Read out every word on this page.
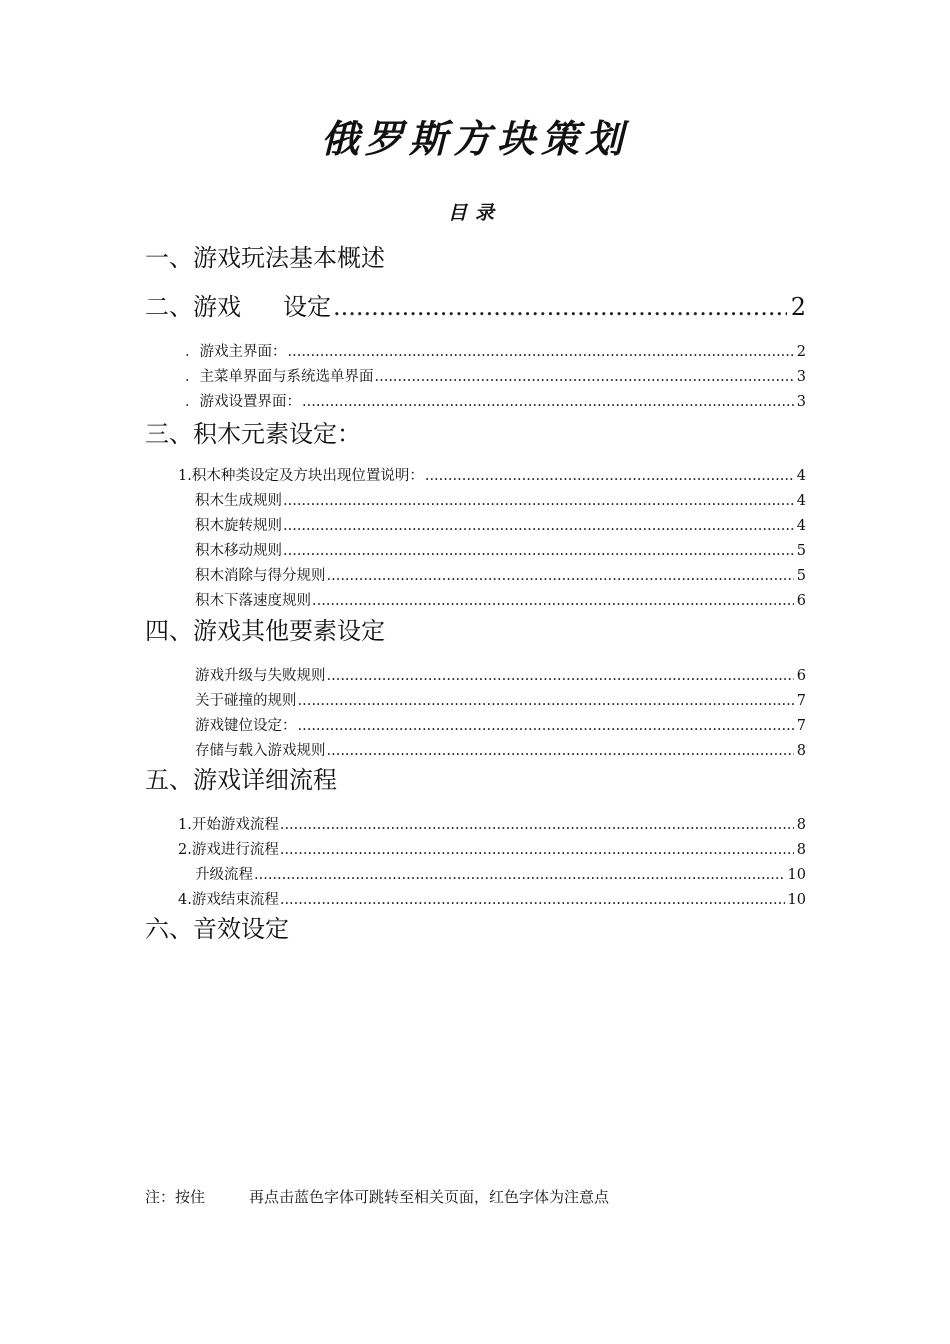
俄罗斯方块策划
目录
一、游戏玩法基本概述
二、游戏 设定 .....	2
．游戏主界面： .....	2
．主菜单界面与系统选单界面 .....	3
．游戏设置界面： .....	3
三、积木元素设定：
1.积木种类设定及方块出现位置说明： .....	4
积木生成规则 .....	4
积木旋转规则 .....	4
积木移动规则 .....	5
积木消除与得分规则 .....	5
积木下落速度规则 .....	6
四、游戏其他要素设定
游戏升级与失败规则 .....	6
关于碰撞的规则 .....	7
游戏键位设定： .....	7
存储与载入游戏规则 .....	8
五、游戏详细流程
1.开始游戏流程 .....	8
2.游戏进行流程 .....	8
升级流程 .....	10
4.游戏结束流程 .....	10
六、音效设定
注：按住	再点击蓝色字体可跳转至相关页面，红色字体为注意点
